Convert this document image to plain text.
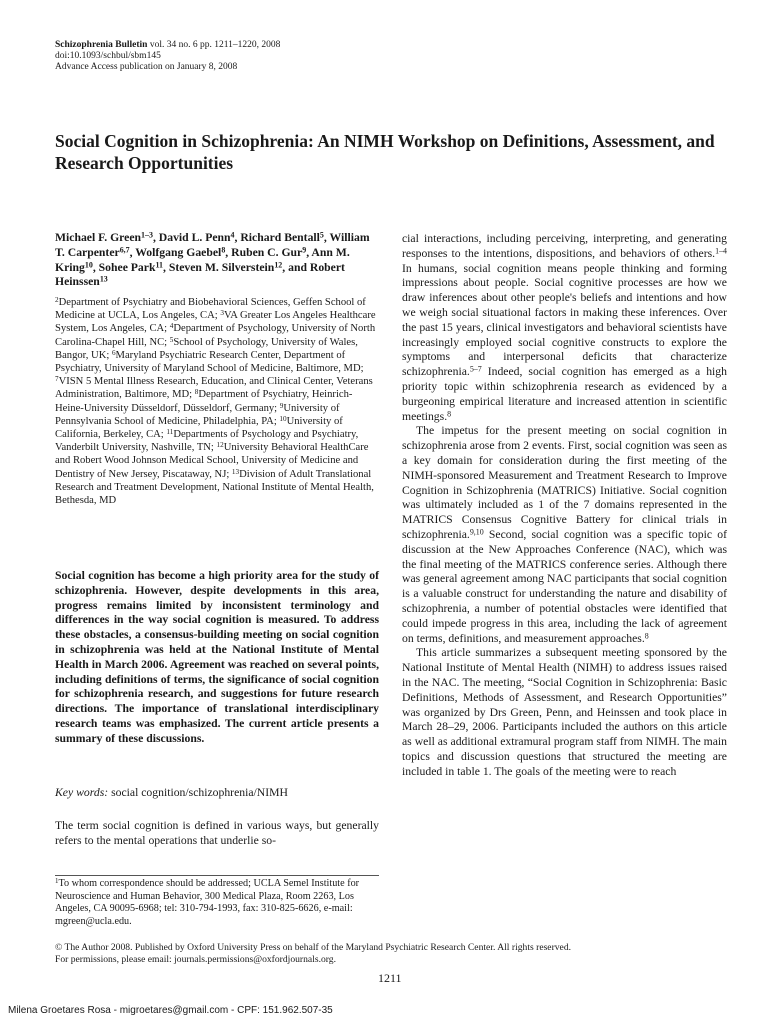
Schizophrenia Bulletin vol. 34 no. 6 pp. 1211–1220, 2008
doi:10.1093/schbul/sbm145
Advance Access publication on January 8, 2008
Social Cognition in Schizophrenia: An NIMH Workshop on Definitions, Assessment, and Research Opportunities
Michael F. Green$^{1-3}$, David L. Penn$^4$, Richard Bentall$^5$, William T. Carpenter$^{6,7}$, Wolfgang Gaebel$^8$, Ruben C. Gur$^9$, Ann M. Kring$^{10}$, Sohee Park$^{11}$, Steven M. Silverstein$^{12}$, and Robert Heinssen$^{13}$
$^2$Department of Psychiatry and Biobehavioral Sciences, Geffen School of Medicine at UCLA, Los Angeles, CA; $^3$VA Greater Los Angeles Healthcare System, Los Angeles, CA; $^4$Department of Psychology, University of North Carolina-Chapel Hill, NC; $^5$School of Psychology, University of Wales, Bangor, UK; $^6$Maryland Psychiatric Research Center, Department of Psychiatry, University of Maryland School of Medicine, Baltimore, MD; $^7$VISN 5 Mental Illness Research, Education, and Clinical Center, Veterans Administration, Baltimore, MD; $^8$Department of Psychiatry, Heinrich-Heine-University Düsseldorf, Düsseldorf, Germany; $^9$University of Pennsylvania School of Medicine, Philadelphia, PA; $^{10}$University of California, Berkeley, CA; $^{11}$Departments of Psychology and Psychiatry, Vanderbilt University, Nashville, TN; $^{12}$University Behavioral HealthCare and Robert Wood Johnson Medical School, University of Medicine and Dentistry of New Jersey, Piscataway, NJ; $^{13}$Division of Adult Translational Research and Treatment Development, National Institute of Mental Health, Bethesda, MD
Social cognition has become a high priority area for the study of schizophrenia. However, despite developments in this area, progress remains limited by inconsistent terminology and differences in the way social cognition is measured. To address these obstacles, a consensus-building meeting on social cognition in schizophrenia was held at the National Institute of Mental Health in March 2006. Agreement was reached on several points, including definitions of terms, the significance of social cognition for schizophrenia research, and suggestions for future research directions. The importance of translational interdisciplinary research teams was emphasized. The current article presents a summary of these discussions.
Key words: social cognition/schizophrenia/NIMH
The term social cognition is defined in various ways, but generally refers to the mental operations that underlie so-
$^1$To whom correspondence should be addressed; UCLA Semel Institute for Neuroscience and Human Behavior, 300 Medical Plaza, Room 2263, Los Angeles, CA 90095-6968; tel: 310-794-1993, fax: 310-825-6626, e-mail: mgreen@ucla.edu.

cial interactions, including perceiving, interpreting, and generating responses to the intentions, dispositions, and behaviors of others.$^{1-4}$ In humans, social cognition means people thinking and forming impressions about people. Social cognitive processes are how we draw inferences about other people's beliefs and intentions and how we weigh social situational factors in making these inferences. Over the past 15 years, clinical investigators and behavioral scientists have increasingly employed social cognitive constructs to explore the symptoms and interpersonal deficits that characterize schizophrenia.$^{5-7}$ Indeed, social cognition has emerged as a high priority topic within schizophrenia research as evidenced by a burgeoning empirical literature and increased attention in scientific meetings.$^8$

The impetus for the present meeting on social cognition in schizophrenia arose from 2 events. First, social cognition was seen as a key domain for consideration during the first meeting of the NIMH-sponsored Measurement and Treatment Research to Improve Cognition in Schizophrenia (MATRICS) Initiative. Social cognition was ultimately included as 1 of the 7 domains represented in the MATRICS Consensus Cognitive Battery for clinical trials in schizophrenia.$^{9,10}$ Second, social cognition was a specific topic of discussion at the New Approaches Conference (NAC), which was the final meeting of the MATRICS conference series. Although there was general agreement among NAC participants that social cognition is a valuable construct for understanding the nature and disability of schizophrenia, a number of potential obstacles were identified that could impede progress in this area, including the lack of agreement on terms, definitions, and measurement approaches.$^8$

This article summarizes a subsequent meeting sponsored by the National Institute of Mental Health (NIMH) to address issues raised in the NAC. The meeting, “Social Cognition in Schizophrenia: Basic Definitions, Methods of Assessment, and Research Opportunities” was organized by Drs Green, Penn, and Heinssen and took place in March 28–29, 2006. Participants included the authors on this article as well as additional extramural program staff from NIMH. The main topics and discussion questions that structured the meeting are included in table 1. The goals of the meeting were to reach

© The Author 2008. Published by Oxford University Press on behalf of the Maryland Psychiatric Research Center. All rights reserved.
For permissions, please email: journals.permissions@oxfordjournals.org.
1211
Milena Groetares Rosa - migroetares@gmail.com - CPF: 151.962.507-35
